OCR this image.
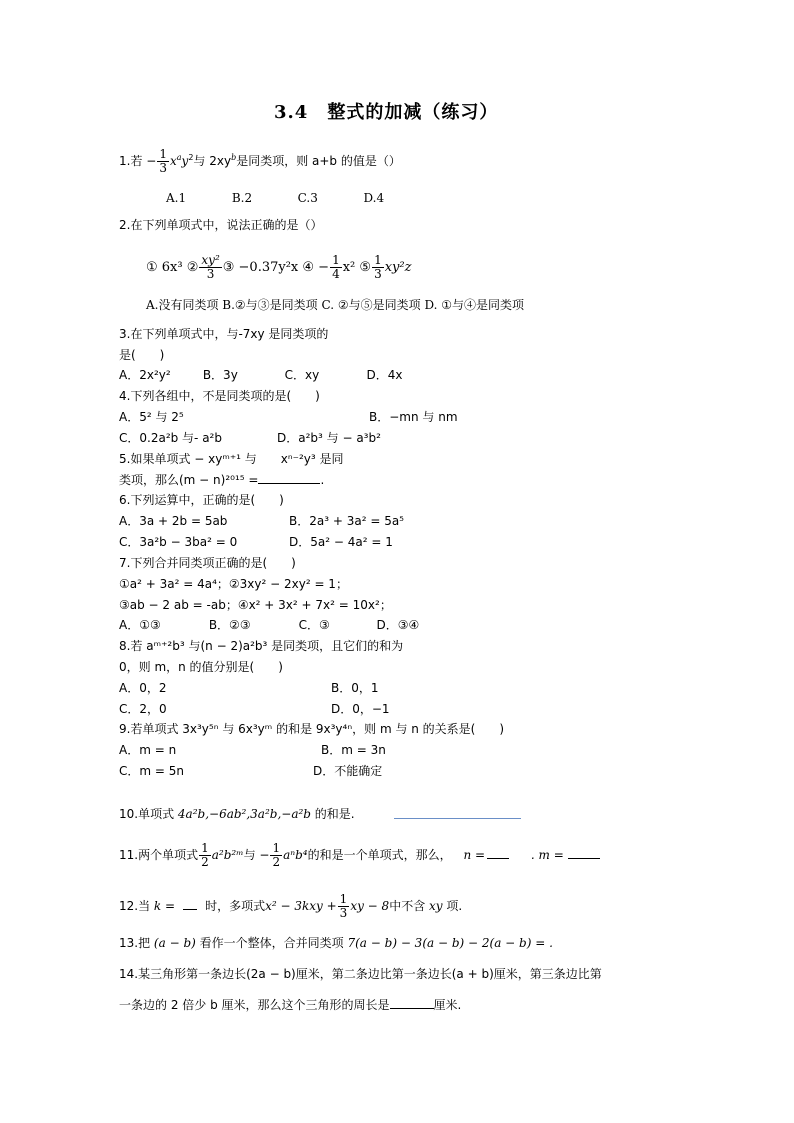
3.4　整式的加减（练习）
1.若 − $\frac{1}{3} x^ay^2$与 $2xy^b$是同类项，则 a+b 的值是（）
A.1	B.2	C.3	D.4
2.在下列单项式中，说法正确的是（）
① 6x³ ② $\frac{\text{xy²}}{3}$ ③ −0.37y²x ④ − $\frac{1}{4} x^2$ ⑤ $\frac{1}{3} xy^2z$
A.没有同类项 B.②与③是同类项 C. ②与⑤是同类项 D. ①与④是同类项
3.在下列单项式中，与-7xy 是同类项的
是(　　)
A．2x²y²	B．3y	C．xy	D．4x
4.下列各组中，不是同类项的是(　　)
A．5² 与 2⁵	B．−mn 与 nm
C．0.2a²b 与- a²b	D．a²b³ 与 − a³b²
5.如果单项式 − xyᵐ⁺¹ 与　　xⁿ⁻²y³ 是同
类项，那么(m − n)²⁰¹⁵ =	.
6.下列运算中，正确的是(　　)
A．3a + 2b = 5ab	B．2a³ + 3a² = 5a⁵
C．3a²b − 3ba² = 0	D．5a² − 4a² = 1
7.下列合并同类项正确的是(　　)
①a² + 3a² = 4a⁴；②3xy² − 2xy² = 1；
③ab − 2 ab = -ab；④x² + 3x² + 7x² = 10x²；
A．①③	B．②③	C．③	D．③④
8.若 aᵐ⁺²b³ 与(n − 2)a²b³ 是同类项，且它们的和为
0，则 m，n 的值分别是(　　)
A．0，2	B．0，1
C．2，0	D．0，−1
9.若单项式 3x³y⁵ⁿ 与 6x³yᵐ 的和是 9x³y⁴ⁿ，则 m 与 n 的关系是(　　)
A．m = n	B．m = 3n
C．m = 5n	D．不能确定
10.单项式 4a²b,−6ab²,3a²b,−a²b 的和是.
11.两个单项式 $\frac{1}{2}$ a²b²ᵐ与 − $\frac{1}{2} a^nb^4$的和是一个单项式，那么， n =	. m =
12.当 k =	时，多项式$x^2 - 3kxy + \frac{1}{3}$ xy − 8中不含 xy 项.
13.把 (a − b) 看作一个整体，合并同类项 7(a − b) − 3(a − b) − 2(a − b) = .
14.某三角形第一条边长(2a − b)厘米，第二条边比第一条边长(a + b)厘米，第三条边比第
一条边的 2 倍少 b 厘米，那么这个三角形的周长是	厘米.
